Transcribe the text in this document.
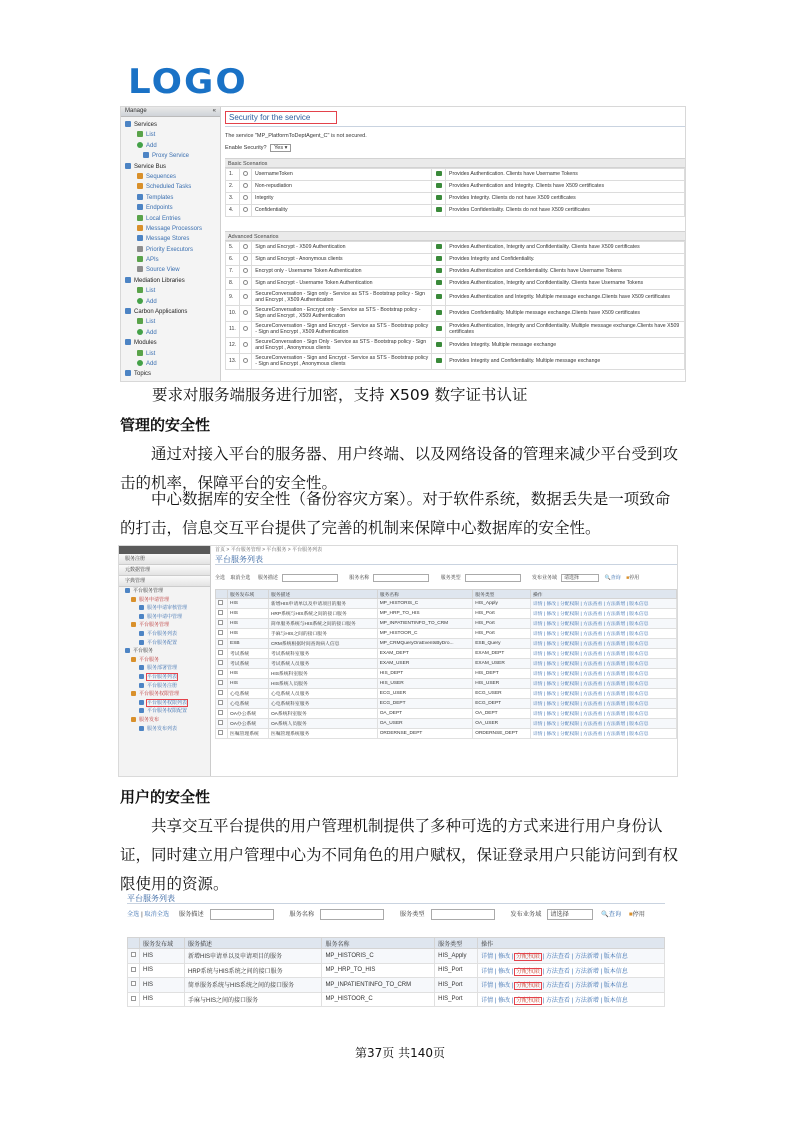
LOGO
Manage	«
Services
List
Add
Proxy Service
Service Bus
Sequences
Scheduled Tasks
Templates
Endpoints
Local Entries
Message Processors
Message Stores
Priority Executors
APIs
Source View
Mediation Libraries
List
Add
Carbon Applications
List
Add
Modules
List
Add
Topics
Security for the service
The service "MP_PlatformToDeptAgent_C" is not secured.
Enable Security? Yes ▾
Basic Scenarios
1.		UsernameToken		Provides Authentication. Clients have Username Tokens
2.		Non-repudiation		Provides Authentication and Integrity. Clients have X509 certificates
3.		Integrity		Provides Integrity. Clients do not have X509 certificates
4.		Confidentiality		Provides Confidentiality. Clients do not have X509 certificates
Advanced Scenarios
5.		Sign and Encrypt - X509 Authentication		Provides Authentication, Integrity and Confidentiality. Clients have X509 certificates
6.		Sign and Encrypt - Anonymous clients		Provides Integrity and Confidentiality.
7.		Encrypt only - Username Token Authentication		Provides Authentication and Confidentiality. Clients have Username Tokens
8.		Sign and Encrypt - Username Token Authentication		Provides Authentication, Integrity and Confidentiality. Clients have Username Tokens
9.		SecureConversation - Sign only - Service as STS - Bootstrap policy - Sign and Encrypt , X509 Authentication		Provides Authentication and Integrity. Multiple message exchange.Clients have X509 certificates
10.		SecureConversation - Encrypt only - Service as STS - Bootstrap policy - Sign and Encrypt , X509 Authentication		Provides Confidentiality. Multiple message exchange.Clients have X509 certificates
11.		SecureConversation - Sign and Encrypt - Service as STS - Bootstrap policy - Sign and Encrypt , X509 Authentication		Provides Authentication, Integrity and Confidentiality. Multiple message exchange.Clients have X509 certificates
12.		SecureConversation - Sign Only - Service as STS - Bootstrap policy - Sign and Encrypt , Anonymous clients		Provides Integrity. Multiple message exchange
13.		SecureConversation - Sign and Encrypt - Service as STS - Bootstrap policy - Sign and Encrypt , Anonymous clients		Provides Integrity and Confidentiality. Multiple message exchange
要求对服务端服务进行加密，支持 X509 数字证书认证
管理的安全性
通过对接入平台的服务器、用户终端、以及网络设备的管理来减少平台受到攻击的机率，保障平台的安全性。
中心数据库的安全性（备份容灾方案）。对于软件系统，数据丢失是一项致命的打击，信息交互平台提供了完善的机制来保障中心数据库的安全性。
服务注册
元数据管理
字典管理
平台服务管理
服务申请管理
服务申请审核管理
服务申请中管理
平台服务管理
平台服务列表
平台服务配置
平台服务
平台服务
服务部署管理
平台服务列表
平台服务注册
平台服务权限管理
平台服务权限列表
平台服务权限配置
服务发布
服务发布列表
首页 > 平台服务管理 > 平台服务 > 平台服务列表
平台服务列表
全选 取消全选 服务描述	服务名称	服务类型	发布业务域 请选择	🔍查询 ■停用
	服务发布域	服务描述	服务名称	服务类型	操作
	HIS	新增HIS申请单以及申请项目的服务	MP_HISTORIS_C	HIS_Apply	详情 | 修改 | 分配权限 | 方法查看 | 方法新增 | 版本信息
	HIS	HRP系统与HIS系统之间的接口服务	MP_HRP_TO_HIS	HIS_Port	详情 | 修改 | 分配权限 | 方法查看 | 方法新增 | 版本信息
	HIS	简单服务系统与HIS系统之间的接口服务	MP_INPATIENTINFO_TO_CRM	HIS_Port	详情 | 修改 | 分配权限 | 方法查看 | 方法新增 | 版本信息
	HIS	手麻与HIS之间的接口服务	MP_HISTOOR_C	HIS_Port	详情 | 修改 | 分配权限 | 方法查看 | 方法新增 | 版本信息
	ESB	CRM系统根据时间查询病人信息	MP_CRMQueryOraEventsByDro...	ESB_Query	详情 | 修改 | 分配权限 | 方法查看 | 方法新增 | 版本信息
	考试系统	考试系统科室服务	EXAM_DEPT	EXAM_DEPT	详情 | 修改 | 分配权限 | 方法查看 | 方法新增 | 版本信息
	考试系统	考试系统人员服务	EXAM_USER	EXAM_USER	详情 | 修改 | 分配权限 | 方法查看 | 方法新增 | 版本信息
	HIS	HIS系统科室服务	HIS_DEPT	HIS_DEPT	详情 | 修改 | 分配权限 | 方法查看 | 方法新增 | 版本信息
	HIS	HIS系统人员服务	HIS_USER	HIS_USER	详情 | 修改 | 分配权限 | 方法查看 | 方法新增 | 版本信息
	心电系统	心电系统人员服务	ECG_USER	ECG_USER	详情 | 修改 | 分配权限 | 方法查看 | 方法新增 | 版本信息
	心电系统	心电系统科室服务	ECG_DEPT	ECG_DEPT	详情 | 修改 | 分配权限 | 方法查看 | 方法新增 | 版本信息
	OA办公系统	OA系统科室服务	OA_DEPT	OA_DEPT	详情 | 修改 | 分配权限 | 方法查看 | 方法新增 | 版本信息
	OA办公系统	OA系统人员服务	OA_USER	OA_USER	详情 | 修改 | 分配权限 | 方法查看 | 方法新增 | 版本信息
	医嘱管理系统	医嘱管理系统服务	ORDERNSE_DEPT	ORDERNSE_DEPT	详情 | 修改 | 分配权限 | 方法查看 | 方法新增 | 版本信息
用户的安全性
共享交互平台提供的用户管理机制提供了多种可选的方式来进行用户身份认证，同时建立用户管理中心为不同角色的用户赋权，保证登录用户只能访问到有权限使用的资源。
平台服务列表
全选 | 取消全选 服务描述	服务名称	服务类型	发布业务域 请选择	🔍查询 ■停用
	服务发布域	服务描述	服务名称	服务类型	操作
	HIS	新增HIS申请单以及申请项目的服务	MP_HISTORIS_C	HIS_Apply	详情 | 修改 | 分配权限 | 方法查看 | 方法新增 | 版本信息
	HIS	HRP系统与HIS系统之间的接口服务	MP_HRP_TO_HIS	HIS_Port	详情 | 修改 | 分配权限 | 方法查看 | 方法新增 | 版本信息
	HIS	简单服务系统与HIS系统之间的接口服务	MP_INPATIENTINFO_TO_CRM	HIS_Port	详情 | 修改 | 分配权限 | 方法查看 | 方法新增 | 版本信息
	HIS	手麻与HIS之间的接口服务	MP_HISTOOR_C	HIS_Port	详情 | 修改 | 分配权限 | 方法查看 | 方法新增 | 版本信息
第37页 共140页
